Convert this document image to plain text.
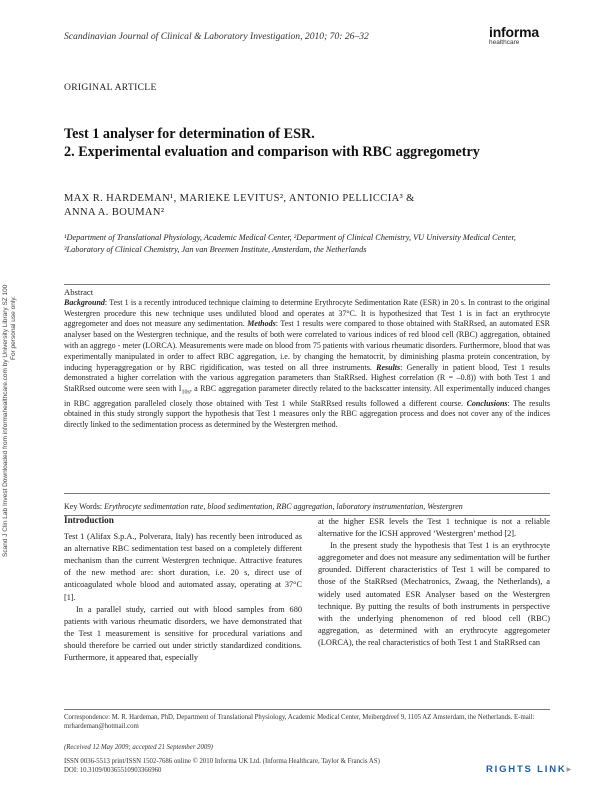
Scandinavian Journal of Clinical & Laboratory Investigation, 2010; 70: 26–32	informa
healthcare
ORIGINAL ARTICLE
Test 1 analyser for determination of ESR.
2. Experimental evaluation and comparison with RBC aggregometry
MAX R. HARDEMAN¹, MARIEKE LEVITUS², ANTONIO PELLICCIA³ &
ANNA A. BOUMAN²
¹Department of Translational Physiology, Academic Medical Center, ²Department of Clinical Chemistry, VU University Medical Center, ³Laboratory of Clinical Chemistry, Jan van Breemen Institute, Amsterdam, the Netherlands
Abstract
Background: Test 1 is a recently introduced technique claiming to determine Erythrocyte Sedimentation Rate (ESR) in 20 s. In contrast to the original Westergren procedure this new technique uses undiluted blood and operates at 37°C. It is hypothesized that Test 1 is in fact an erythrocyte aggregometer and does not measure any sedimentation. Methods: Test 1 results were compared to those obtained with StaRRsed, an automated ESR analyser based on the Westergren technique, and the results of both were correlated to various indices of red blood cell (RBC) aggregation, obtained with an aggrego - meter (LORCA). Measurements were made on blood from 75 patients with various rheumatic disorders. Furthermore, blood that was experimentally manipulated in order to affect RBC aggregation, i.e. by changing the hematocrit, by diminishing plasma protein concentration, by inducing hyperaggregation or by RBC rigidification, was tested on all three instruments. Results: Generally in patient blood, Test 1 results demonstrated a higher correlation with the various aggregation parameters than StaRRsed. Highest correlation (R = –0.8)) with both Test 1 and StaRRsed outcome were seen with $I_{10s}$, a RBC aggregation parameter directly related to the backscatter intensity. All experimentally induced changes in RBC aggregation paralleled closely those obtained with Test 1 while StaRRsed results followed a different course. Conclusions: The results obtained in this study strongly support the hypothesis that Test 1 measures only the RBC aggregation process and does not cover any of the indices directly linked to the sedimentation process as determined by the Westergren method.
Key Words: Erythrocyte sedimentation rate, blood sedimentation, RBC aggregation, laboratory instrumentation, Westergren
Introduction

Test 1 (Alifax S.p.A., Polverara, Italy) has recently been introduced as an alternative RBC sedimentation test based on a completely different mechanism than the current Westergren technique. Attractive features of the new method are: short duration, i.e. 20 s, direct use of anticoagulated whole blood and automated assay, operating at 37°C [1].

In a parallel study, carried out with blood samples from 680 patients with various rheumatic disorders, we have demonstrated that the Test 1 measurement is sensitive for procedural variations and should therefore be carried out under strictly standardized conditions. Furthermore, it appeared that, especially

at the higher ESR levels the Test 1 technique is not a reliable alternative for the ICSH approved ‘Westergren’ method [2].

In the present study the hypothesis that Test 1 is an erythrocyte aggregometer and does not measure any sedimentation will be further grounded. Different characteristics of Test 1 will be compared to those of the StaRRsed (Mechatronics, Zwaag, the Netherlands), a widely used automated ESR Analyser based on the Westergren technique. By putting the results of both instruments in perspective with the underlying phenomenon of red blood cell (RBC) aggregation, as determined with an erythrocyte aggregometer (LORCA), the real characteristics of both Test 1 and StaRRsed can

Scand J Clin Lab Invest Downloaded from informahealthcare.com by University Library SZ 100 For personal use only.
Correspondence: M. R. Hardeman, PhD, Department of Translational Physiology, Academic Medical Center, Meibergdreef 9, 1105 AZ Amsterdam, the Netherlands. E-mail: mrhardeman@hotmail.com
(Received 12 May 2009; accepted 21 September 2009)
ISSN 0036-5513 print/ISSN 1502-7686 online © 2010 Informa UK Ltd. (Informa Healthcare, Taylor & Francis AS)
DOI: 10.3109/00365510903366960	RIGHTS LINK▸
